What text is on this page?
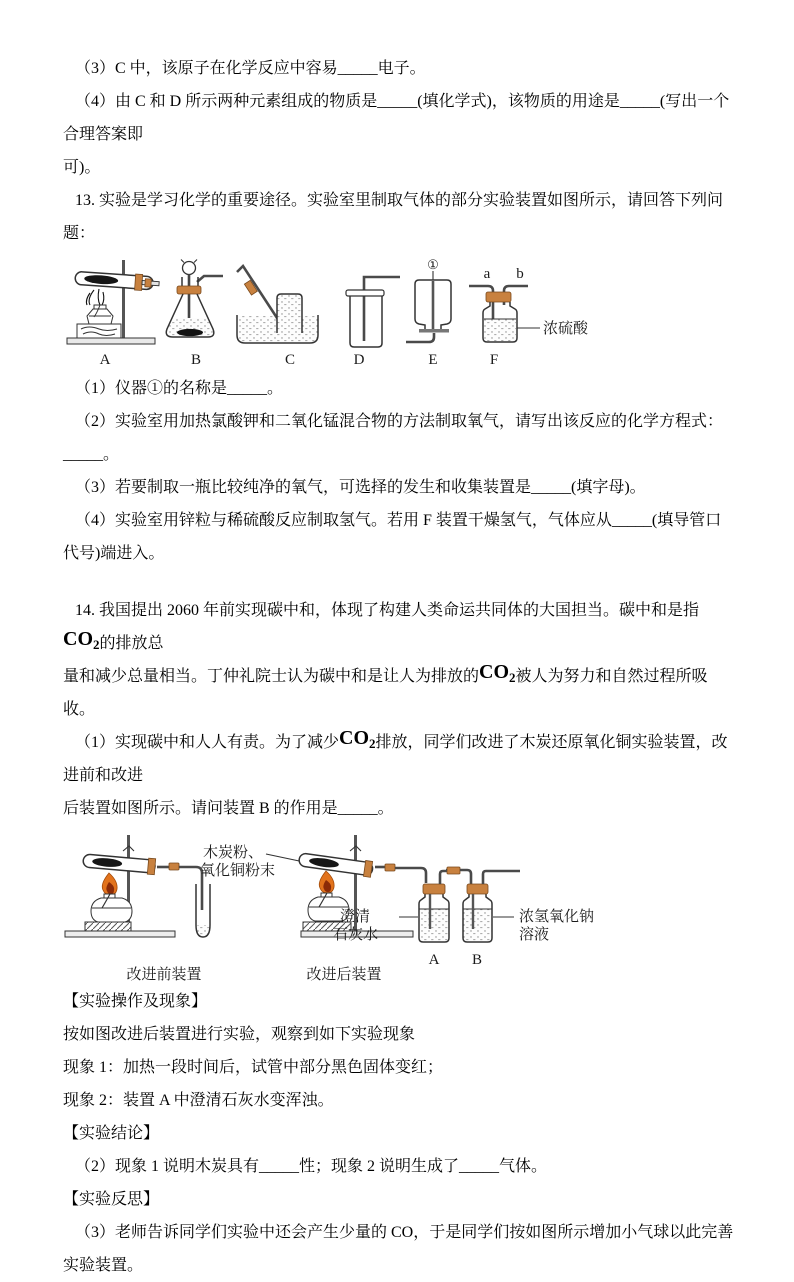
（3）C 中，该原子在化学反应中容易_____电子。

（4）由 C 和 D 所示两种元素组成的物质是_____(填化学式)，该物质的用途是_____(写出一个合理答案即
可)。

13. 实验是学习化学的重要途径。实验室里制取气体的部分实验装置如图所示，请回答下列问题：

A	B	C	D
①
E
a b
浓硫酸
F

（1）仪器①的名称是_____。

（2）实验室用加热氯酸钾和二氧化锰混合物的方法制取氧气，请写出该反应的化学方程式： _____。

（3）若要制取一瓶比较纯净的氧气，可选择的发生和收集装置是_____(填字母)。

（4）实验室用锌粒与稀硫酸反应制取氢气。若用 F 装置干燥氢气，气体应从_____(填导管口代号)端进入。

14. 我国提出 2060 年前实现碳中和，体现了构建人类命运共同体的大国担当。碳中和是指 $CO_2$的排放总
量和减少总量相当。丁仲礼院士认为碳中和是让人为排放的$CO_2$被人为努力和自然过程所吸收。

（1）实现碳中和人人有责。为了减少$CO_2$排放，同学们改进了木炭还原氧化铜实验装置，改进前和改进
后装置如图所示。请问装置 B 的作用是_____。

改进前装置
木炭粉、
氧化铜粉末
澄清
石灰水
A
浓氢氧化钠
溶液
B
改进后装置

【实验操作及现象】

按如图改进后装置进行实验，观察到如下实验现象

现象 1：加热一段时间后，试管中部分黑色固体变红；

现象 2：装置 A 中澄清石灰水变浑浊。

【实验结论】

（2）现象 1 说明木炭具有_____性；现象 2 说明生成了_____气体。

【实验反思】

（3）老师告诉同学们实验中还会产生少量的 CO，于是同学们按如图所示增加小气球以此完善实验装置。
